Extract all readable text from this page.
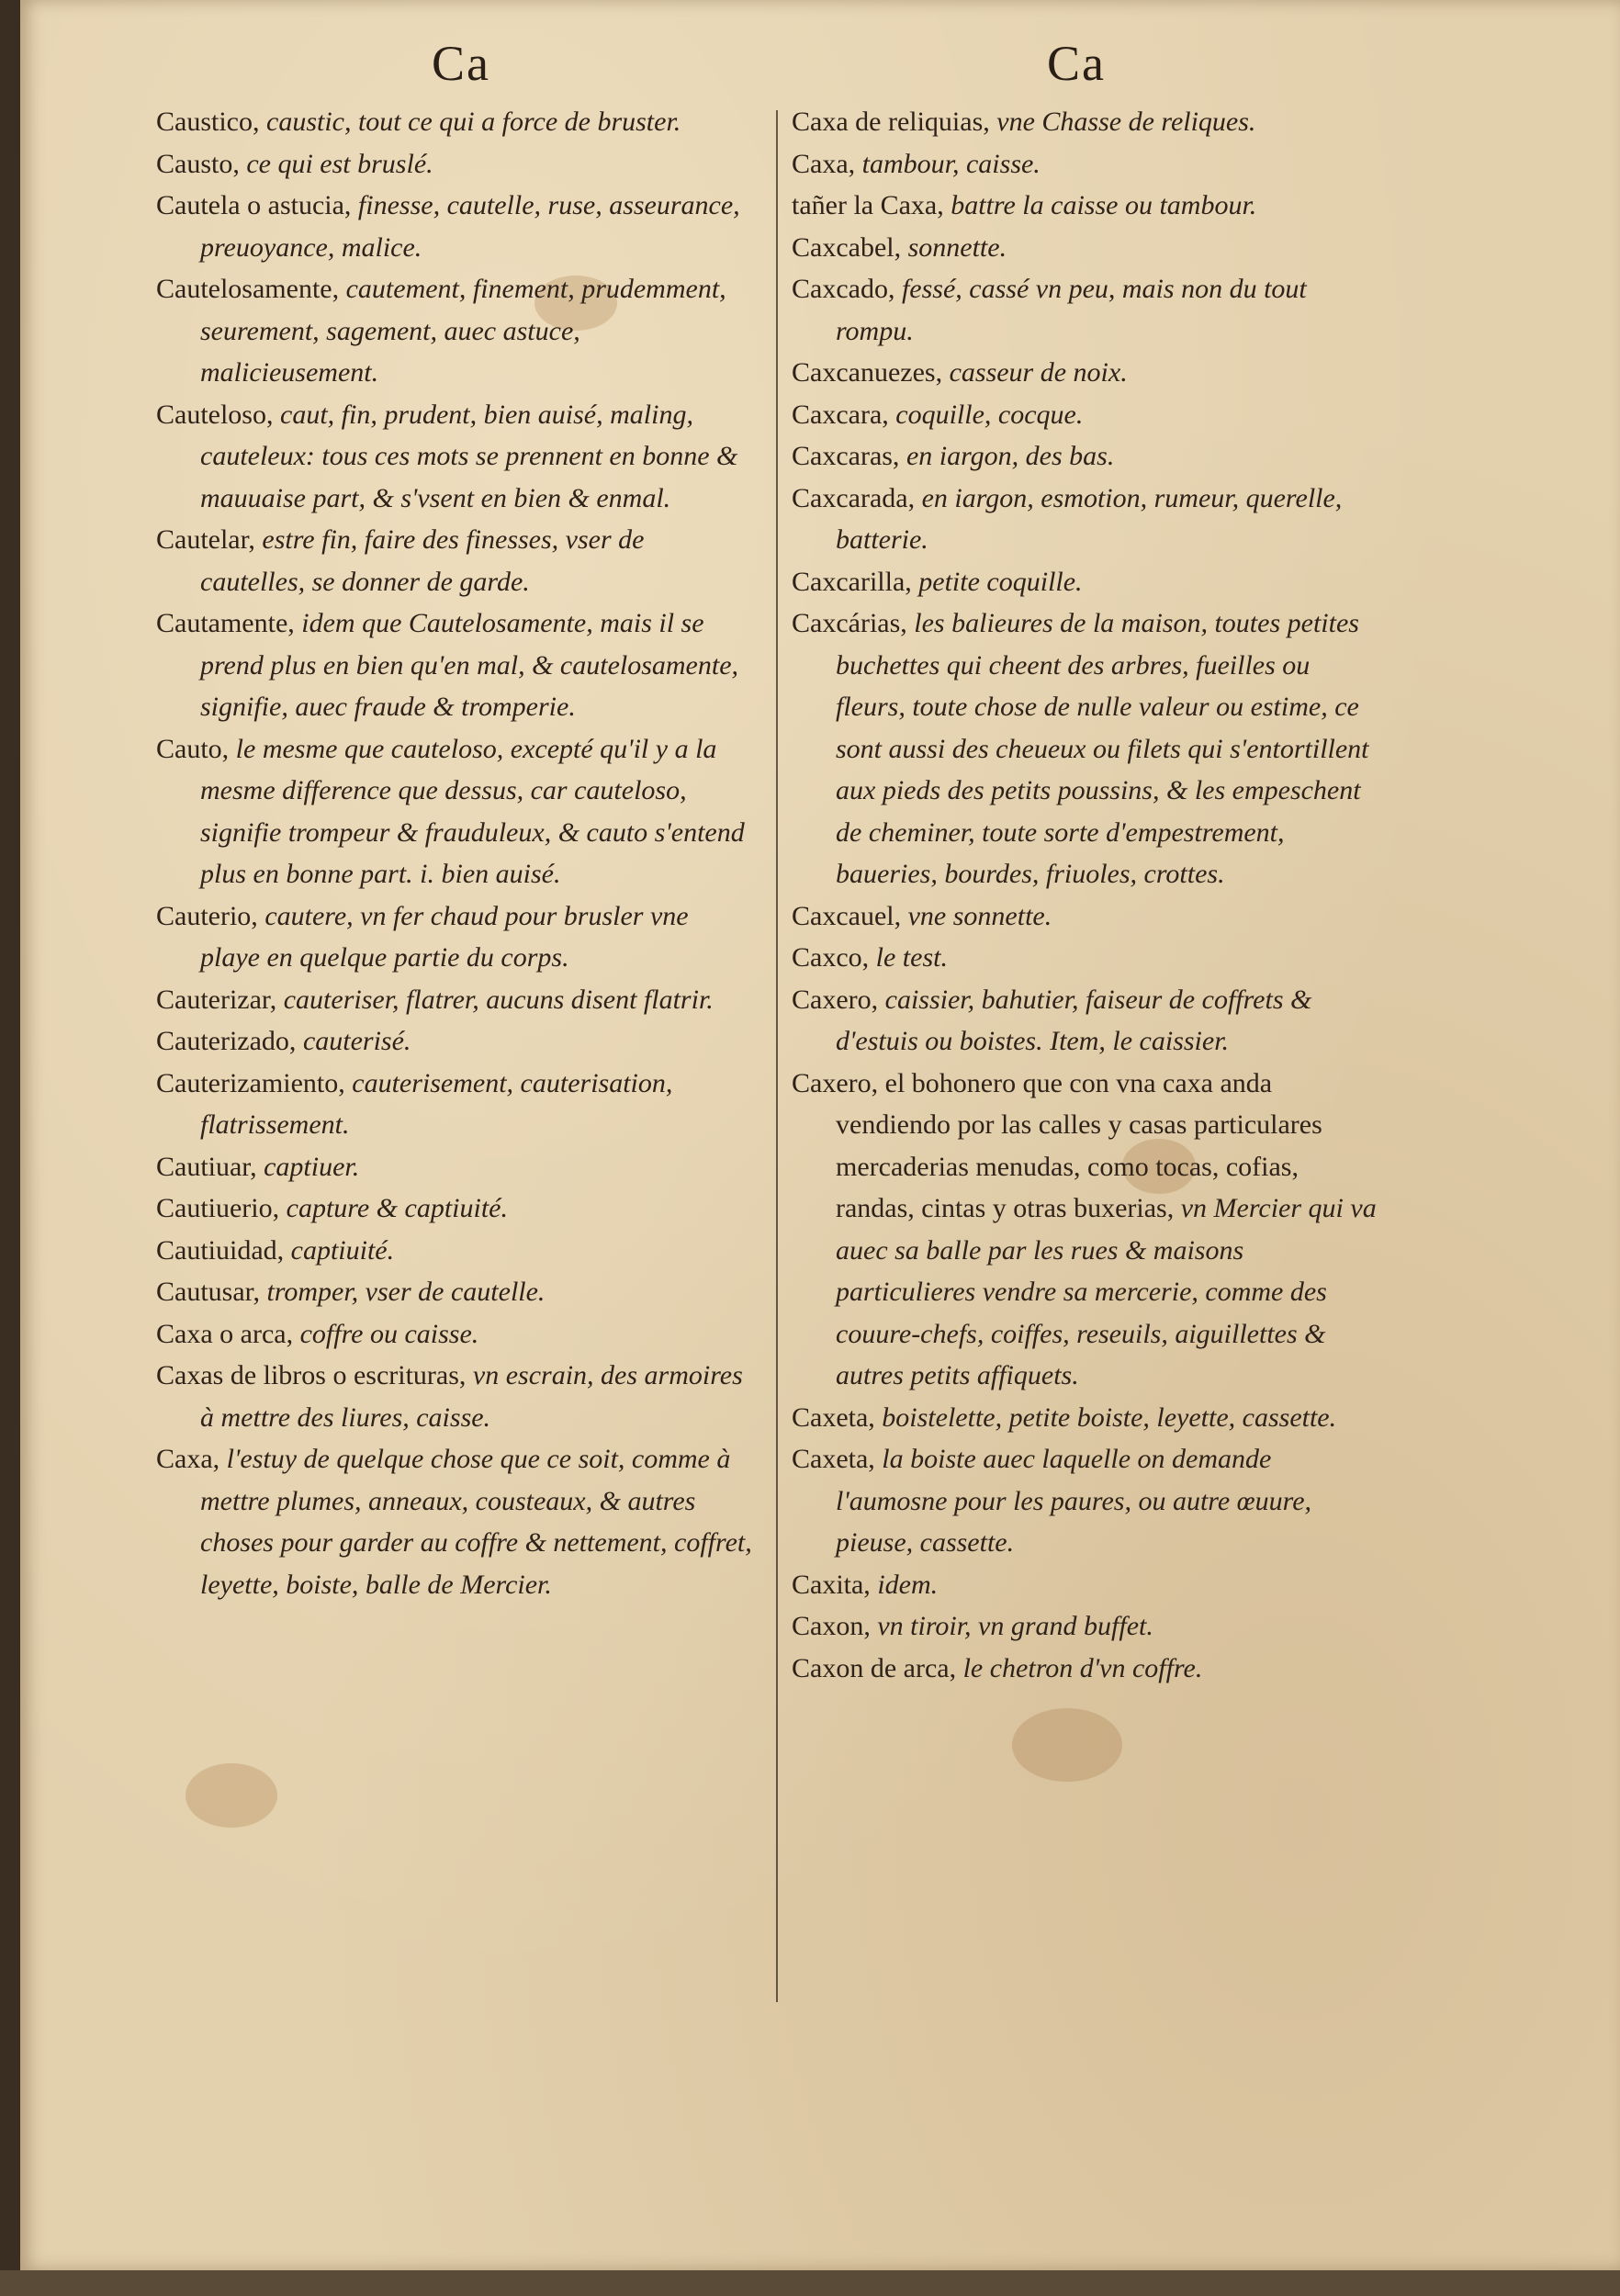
Ca	Ca

Caustico, caustic, tout ce qui a force de bruster.

Causto, ce qui est bruslé.

Cautela o astucia, finesse, cautelle, ruse, asseurance, preuoyance, malice.

Cautelosamente, cautement, finement, prudemment, seurement, sagement, auec astuce, malicieusement.

Cauteloso, caut, fin, prudent, bien auisé, maling, cauteleux: tous ces mots se prennent en bonne & mauuaise part, & s'vsent en bien & enmal.

Cautelar, estre fin, faire des finesses, vser de cautelles, se donner de garde.

Cautamente, idem que Cautelosamente, mais il se prend plus en bien qu'en mal, & cautelosamente, signifie, auec fraude & tromperie.

Cauto, le mesme que cauteloso, excepté qu'il y a la mesme difference que dessus, car cauteloso, signifie trompeur & frauduleux, & cauto s'entend plus en bonne part. i. bien auisé.

Cauterio, cautere, vn fer chaud pour brusler vne playe en quelque partie du corps.

Cauterizar, cauteriser, flatrer, aucuns disent flatrir.

Cauterizado, cauterisé.

Cauterizamiento, cauterisement, cauterisation, flatrissement.

Cautiuar, captiuer.

Cautiuerio, capture & captiuité.

Cautiuidad, captiuité.

Cautusar, tromper, vser de cautelle.

Caxa o arca, coffre ou caisse.

Caxas de libros o escrituras, vn escrain, des armoires à mettre des liures, caisse.

Caxa, l'estuy de quelque chose que ce soit, comme à mettre plumes, anneaux, cousteaux, & autres choses pour garder au coffre & nettement, coffret, leyette, boiste, balle de Mercier.

Caxa de reliquias, vne Chasse de reliques.

Caxa, tambour, caisse.

tañer la Caxa, battre la caisse ou tambour.

Caxcabel, sonnette.

Caxcado, fessé, cassé vn peu, mais non du tout rompu.

Caxcanuezes, casseur de noix.

Caxcara, coquille, cocque.

Caxcaras, en iargon, des bas.

Caxcarada, en iargon, esmotion, rumeur, querelle, batterie.

Caxcarilla, petite coquille.

Caxcárias, les balieures de la maison, toutes petites buchettes qui cheent des arbres, fueilles ou fleurs, toute chose de nulle valeur ou estime, ce sont aussi des cheueux ou filets qui s'entortillent aux pieds des petits poussins, & les empeschent de cheminer, toute sorte d'empestrement, baueries, bourdes, friuoles, crottes.

Caxcauel, vne sonnette.

Caxco, le test.

Caxero, caissier, bahutier, faiseur de coffrets & d'estuis ou boistes. Item, le caissier.

Caxero, el bohonero que con vna caxa anda vendiendo por las calles y casas particulares mercaderias menudas, como tocas, cofias, randas, cintas y otras buxerias, vn Mercier qui va auec sa balle par les rues & maisons particulieres vendre sa mercerie, comme des couure-chefs, coiffes, reseuils, aiguillettes & autres petits affiquets.

Caxeta, boistelette, petite boiste, leyette, cassette.

Caxeta, la boiste auec laquelle on demande l'aumosne pour les paures, ou autre œuure, pieuse, cassette.

Caxita, idem.

Caxon, vn tiroir, vn grand buffet.

Caxon de arca, le chetron d'vn coffre.
